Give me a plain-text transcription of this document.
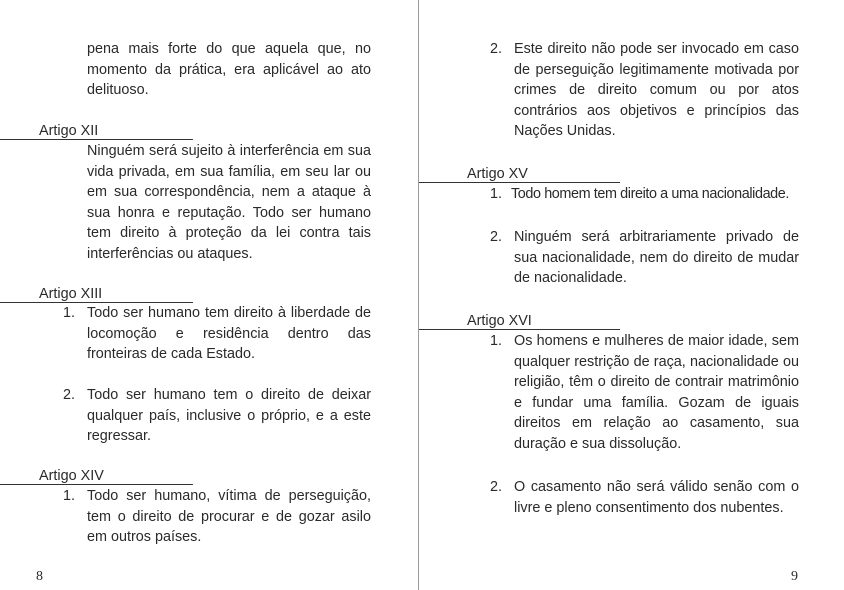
pena mais forte do que aquela que, no momento da prática, era aplicável ao ato delituoso.

Artigo XII

Ninguém será sujeito à interferência em sua vida privada, em sua família, em seu lar ou em sua correspondência, nem a ataque à sua honra e reputação. Todo ser humano tem direito à proteção da lei contra tais interferências ou ataques.

Artigo XIII
1. Todo ser humano tem direito à liberdade de locomoção e residência dentro das fronteiras de cada Estado.

2. Todo ser humano tem o direito de deixar qualquer país, inclusive o próprio, e a este regressar.

Artigo XIV
1. Todo ser humano, vítima de perseguição, tem o direito de procurar e de gozar asilo em outros países.

8
2. Este direito não pode ser invocado em caso de perseguição legitimamente motivada por crimes de direito comum ou por atos contrários aos objetivos e princípios das Nações Unidas.

Artigo XV
1. Todo homem tem direito a uma nacionalidade.

2. Ninguém será arbitrariamente privado de sua nacionalidade, nem do direito de mudar de nacionalidade.

Artigo XVI
1. Os homens e mulheres de maior idade, sem qualquer restrição de raça, nacionalidade ou religião, têm o direito de contrair matrimônio e fundar uma família. Gozam de iguais direitos em relação ao casamento, sua duração e sua dissolução.

2. O casamento não será válido senão com o livre e pleno consentimento dos nubentes.

9
